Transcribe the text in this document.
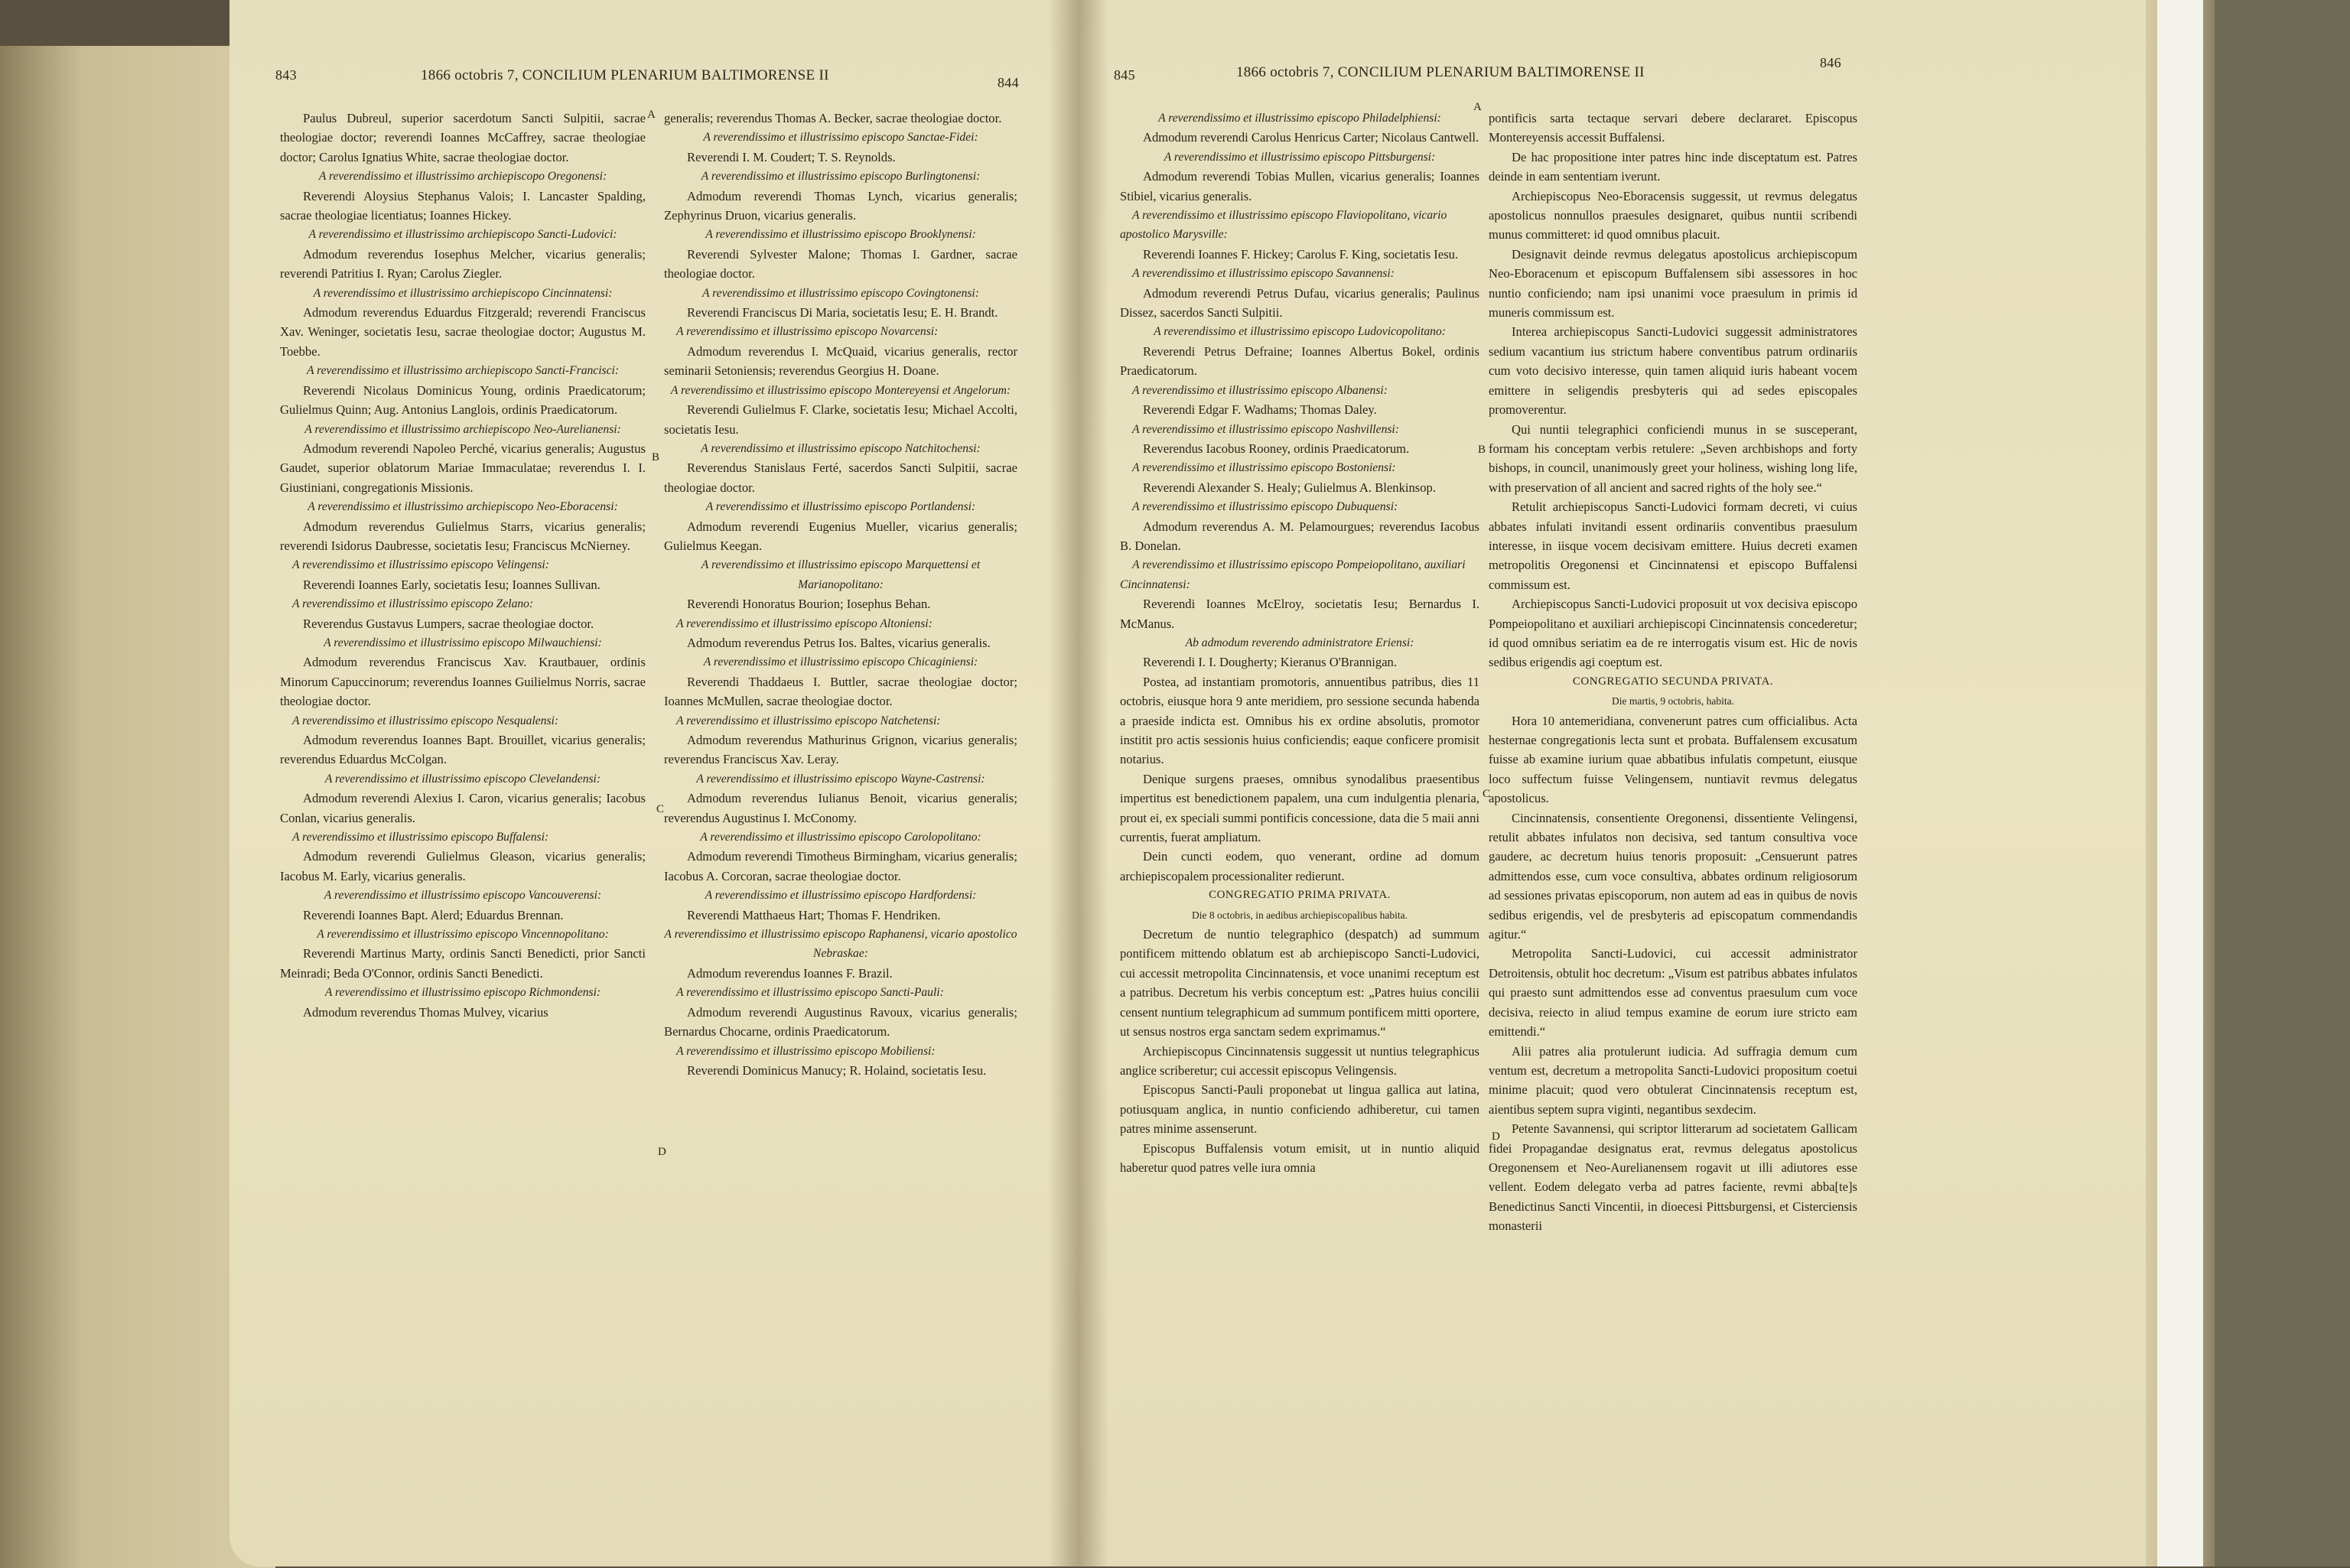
843	1866 octobris 7, CONCILIUM PLENARIUM BALTIMORENSE II	844	845	1866 octobris 7, CONCILIUM PLENARIUM BALTIMORENSE II
846

Paulus Dubreul, superior sacerdotum Sancti Sulpitii, sacrae theologiae doctor; reverendi Ioannes McCaffrey, sacrae theologiae doctor; Carolus Ignatius White, sacrae theologiae doctor.

A reverendissimo et illustrissimo archiepiscopo Oregonensi:

Reverendi Aloysius Stephanus Valois; I. Lancaster Spalding, sacrae theologiae licentiatus; Ioannes Hickey.

A reverendissimo et illustrissimo archiepiscopo Sancti-Ludovici:

Admodum reverendus Iosephus Melcher, vicarius generalis; reverendi Patritius I. Ryan; Carolus Ziegler.

A reverendissimo et illustrissimo archiepiscopo Cincinnatensi:

Admodum reverendus Eduardus Fitzgerald; reverendi Franciscus Xav. Weninger, societatis Iesu, sacrae theologiae doctor; Augustus M. Toebbe.

A reverendissimo et illustrissimo archiepiscopo Sancti-Francisci:

Reverendi Nicolaus Dominicus Young, ordinis Praedicatorum; Gulielmus Quinn; Aug. Antonius Langlois, ordinis Praedicatorum.

A reverendissimo et illustrissimo archiepiscopo Neo-Aurelianensi:

Admodum reverendi Napoleo Perché, vicarius generalis; Augustus Gaudet, superior oblatorum Mariae Immaculatae; reverendus I. I. Giustiniani, congregationis Missionis.

A reverendissimo et illustrissimo archiepiscopo Neo-Eboracensi:

Admodum reverendus Gulielmus Starrs, vicarius generalis; reverendi Isidorus Daubresse, societatis Iesu; Franciscus McNierney.

A reverendissimo et illustrissimo episcopo Velingensi:

Reverendi Ioannes Early, societatis Iesu; Ioannes Sullivan.

A reverendissimo et illustrissimo episcopo Zelano:

Reverendus Gustavus Lumpers, sacrae theologiae doctor.

A reverendissimo et illustrissimo episcopo Milwauchiensi:

Admodum reverendus Franciscus Xav. Krautbauer, ordinis Minorum Capuccinorum; reverendus Ioannes Guilielmus Norris, sacrae theologiae doctor.

A reverendissimo et illustrissimo episcopo Nesqualensi:

Admodum reverendus Ioannes Bapt. Brouillet, vicarius generalis; reverendus Eduardus McColgan.

A reverendissimo et illustrissimo episcopo Clevelandensi:

Admodum reverendi Alexius I. Caron, vicarius generalis; Iacobus Conlan, vicarius generalis.

A reverendissimo et illustrissimo episcopo Buffalensi:

Admodum reverendi Gulielmus Gleason, vicarius generalis; Iacobus M. Early, vicarius generalis.

A reverendissimo et illustrissimo episcopo Vancouverensi:

Reverendi Ioannes Bapt. Alerd; Eduardus Brennan.

A reverendissimo et illustrissimo episcopo Vincennopolitano:

Reverendi Martinus Marty, ordinis Sancti Benedicti, prior Sancti Meinradi; Beda O'Connor, ordinis Sancti Benedicti.

A reverendissimo et illustrissimo episcopo Richmondensi:

Admodum reverendus Thomas Mulvey, vicarius

generalis; reverendus Thomas A. Becker, sacrae theologiae doctor.

A reverendissimo et illustrissimo episcopo Sanctae-Fidei:

Reverendi I. M. Coudert; T. S. Reynolds.

A reverendissimo et illustrissimo episcopo Burlingtonensi:

Admodum reverendi Thomas Lynch, vicarius generalis; Zephyrinus Druon, vicarius generalis.

A reverendissimo et illustrissimo episcopo Brooklynensi:

Reverendi Sylvester Malone; Thomas I. Gardner, sacrae theologiae doctor.

A reverendissimo et illustrissimo episcopo Covingtonensi:

Reverendi Franciscus Di Maria, societatis Iesu; E. H. Brandt.

A reverendissimo et illustrissimo episcopo Novarcensi:

Admodum reverendus I. McQuaid, vicarius generalis, rector seminarii Setoniensis; reverendus Georgius H. Doane.

A reverendissimo et illustrissimo episcopo Montereyensi et Angelorum:

Reverendi Gulielmus F. Clarke, societatis Iesu; Michael Accolti, societatis Iesu.

A reverendissimo et illustrissimo episcopo Natchitochensi:

Reverendus Stanislaus Ferté, sacerdos Sancti Sulpitii, sacrae theologiae doctor.

A reverendissimo et illustrissimo episcopo Portlandensi:

Admodum reverendi Eugenius Mueller, vicarius generalis; Gulielmus Keegan.

A reverendissimo et illustrissimo episcopo Marquettensi et Marianopolitano:

Reverendi Honoratus Bourion; Iosephus Behan.

A reverendissimo et illustrissimo episcopo Altoniensi:

Admodum reverendus Petrus Ios. Baltes, vicarius generalis.

A reverendissimo et illustrissimo episcopo Chicaginiensi:

Reverendi Thaddaeus I. Buttler, sacrae theologiae doctor; Ioannes McMullen, sacrae theologiae doctor.

A reverendissimo et illustrissimo episcopo Natchetensi:

Admodum reverendus Mathurinus Grignon, vicarius generalis; reverendus Franciscus Xav. Leray.

A reverendissimo et illustrissimo episcopo Wayne-Castrensi:

Admodum reverendus Iulianus Benoit, vicarius generalis; reverendus Augustinus I. McConomy.

A reverendissimo et illustrissimo episcopo Carolopolitano:

Admodum reverendi Timotheus Birmingham, vicarius generalis; Iacobus A. Corcoran, sacrae theologiae doctor.

A reverendissimo et illustrissimo episcopo Hardfordensi:

Reverendi Matthaeus Hart; Thomas F. Hendriken.

A reverendissimo et illustrissimo episcopo Raphanensi, vicario apostolico Nebraskae:

Admodum reverendus Ioannes F. Brazil.

A reverendissimo et illustrissimo episcopo Sancti-Pauli:

Admodum reverendi Augustinus Ravoux, vicarius generalis; Bernardus Chocarne, ordinis Praedicatorum.

A reverendissimo et illustrissimo episcopo Mobiliensi:

Reverendi Dominicus Manucy; R. Holaind, societatis Iesu.

A reverendissimo et illustrissimo episcopo Philadelphiensi:

Admodum reverendi Carolus Henricus Carter; Nicolaus Cantwell.

A reverendissimo et illustrissimo episcopo Pittsburgensi:

Admodum reverendi Tobias Mullen, vicarius generalis; Ioannes Stibiel, vicarius generalis.

A reverendissimo et illustrissimo episcopo Flaviopolitano, vicario apostolico Marysville:

Reverendi Ioannes F. Hickey; Carolus F. King, societatis Iesu.

A reverendissimo et illustrissimo episcopo Savannensi:

Admodum reverendi Petrus Dufau, vicarius generalis; Paulinus Dissez, sacerdos Sancti Sulpitii.

A reverendissimo et illustrissimo episcopo Ludovicopolitano:

Reverendi Petrus Defraine; Ioannes Albertus Bokel, ordinis Praedicatorum.

A reverendissimo et illustrissimo episcopo Albanensi:

Reverendi Edgar F. Wadhams; Thomas Daley.

A reverendissimo et illustrissimo episcopo Nashvillensi:

Reverendus Iacobus Rooney, ordinis Praedicatorum.

A reverendissimo et illustrissimo episcopo Bostoniensi:

Reverendi Alexander S. Healy; Gulielmus A. Blenkinsop.

A reverendissimo et illustrissimo episcopo Dubuquensi:

Admodum reverendus A. M. Pelamourgues; reverendus Iacobus B. Donelan.

A reverendissimo et illustrissimo episcopo Pompeiopolitano, auxiliari Cincinnatensi:

Reverendi Ioannes McElroy, societatis Iesu; Bernardus I. McManus.

Ab admodum reverendo administratore Eriensi:

Reverendi I. I. Dougherty; Kieranus O'Brannigan.

Postea, ad instantiam promotoris, annuentibus patribus, dies 11 octobris, eiusque hora 9 ante meridiem, pro sessione secunda habenda a praeside indicta est. Omnibus his ex ordine absolutis, promotor institit pro actis sessionis huius conficiendis; eaque conficere promisit notarius.

Denique surgens praeses, omnibus synodalibus praesentibus impertitus est benedictionem papalem, una cum indulgentia plenaria, prout ei, ex speciali summi pontificis concessione, data die 5 maii anni currentis, fuerat ampliatum.

Dein cuncti eodem, quo venerant, ordine ad domum archiepiscopalem processionaliter redierunt.

CONGREGATIO PRIMA PRIVATA.

Die 8 octobris, in aedibus archiepiscopalibus habita.

Decretum de nuntio telegraphico (despatch) ad summum pontificem mittendo oblatum est ab archiepiscopo Sancti-Ludovici, cui accessit metropolita Cincinnatensis, et voce unanimi receptum est a patribus. Decretum his verbis conceptum est: „Patres huius concilii censent nuntium telegraphicum ad summum pontificem mitti oportere, ut sensus nostros erga sanctam sedem exprimamus.“

Archiepiscopus Cincinnatensis suggessit ut nuntius telegraphicus anglice scriberetur; cui accessit episcopus Velingensis.

Episcopus Sancti-Pauli proponebat ut lingua gallica aut latina, potiusquam anglica, in nuntio conficiendo adhiberetur, cui tamen patres minime assenserunt.

Episcopus Buffalensis votum emisit, ut in nuntio aliquid haberetur quod patres velle iura omnia

pontificis sarta tectaque servari debere declararet. Episcopus Montereyensis accessit Buffalensi.

De hac propositione inter patres hinc inde disceptatum est. Patres deinde in eam sententiam iverunt.

Archiepiscopus Neo-Eboracensis suggessit, ut revmus delegatus apostolicus nonnullos praesules designaret, quibus nuntii scribendi munus committeret: id quod omnibus placuit.

Designavit deinde revmus delegatus apostolicus archiepiscopum Neo-Eboracenum et episcopum Buffalensem sibi assessores in hoc nuntio conficiendo; nam ipsi unanimi voce praesulum in primis id muneris commissum est.

Interea archiepiscopus Sancti-Ludovici suggessit administratores sedium vacantium ius strictum habere conventibus patrum ordinariis cum voto decisivo interesse, quin tamen aliquid iuris habeant vocem emittere in seligendis presbyteris qui ad sedes episcopales promoverentur.

Qui nuntii telegraphici conficiendi munus in se susceperant, formam his conceptam verbis retulere: „Seven archbishops and forty bishops, in council, unanimously greet your holiness, wishing long life, with preservation of all ancient and sacred rights of the holy see.“

Retulit archiepiscopus Sancti-Ludovici formam decreti, vi cuius abbates infulati invitandi essent ordinariis conventibus praesulum interesse, in iisque vocem decisivam emittere. Huius decreti examen metropolitis Oregonensi et Cincinnatensi et episcopo Buffalensi commissum est.

Archiepiscopus Sancti-Ludovici proposuit ut vox decisiva episcopo Pompeiopolitano et auxiliari archiepiscopi Cincinnatensis concederetur; id quod omnibus seriatim ea de re interrogatis visum est. Hic de novis sedibus erigendis agi coeptum est.

CONGREGATIO SECUNDA PRIVATA.

Die martis, 9 octobris, habita.

Hora 10 antemeridiana, convenerunt patres cum officialibus. Acta hesternae congregationis lecta sunt et probata. Buffalensem excusatum fuisse ab examine iurium quae abbatibus infulatis competunt, eiusque loco suffectum fuisse Velingensem, nuntiavit revmus delegatus apostolicus.

Cincinnatensis, consentiente Oregonensi, dissentiente Velingensi, retulit abbates infulatos non decisiva, sed tantum consultiva voce gaudere, ac decretum huius tenoris proposuit: „Censuerunt patres admittendos esse, cum voce consultiva, abbates ordinum religiosorum ad sessiones privatas episcoporum, non autem ad eas in quibus de novis sedibus erigendis, vel de presbyteris ad episcopatum commendandis agitur.“

Metropolita Sancti-Ludovici, cui accessit administrator Detroitensis, obtulit hoc decretum: „Visum est patribus abbates infulatos qui praesto sunt admittendos esse ad conventus praesulum cum voce decisiva, reiecto in aliud tempus examine de eorum iure stricto eam emittendi.“

Alii patres alia protulerunt iudicia. Ad suffragia demum cum ventum est, decretum a metropolita Sancti-Ludovici propositum coetui minime placuit; quod vero obtulerat Cincinnatensis receptum est, aientibus septem supra viginti, negantibus sexdecim.

Petente Savannensi, qui scriptor litterarum ad societatem Gallicam fidei Propagandae designatus erat, revmus delegatus apostolicus Oregonensem et Neo-Aurelianensem rogavit ut illi adiutores esse vellent. Eodem delegato verba ad patres faciente, revmi abba[te]s Benedictinus Sancti Vincentii, in dioecesi Pittsburgensi, et Cisterciensis monasterii

A
B
C
D
A
B
C
D
